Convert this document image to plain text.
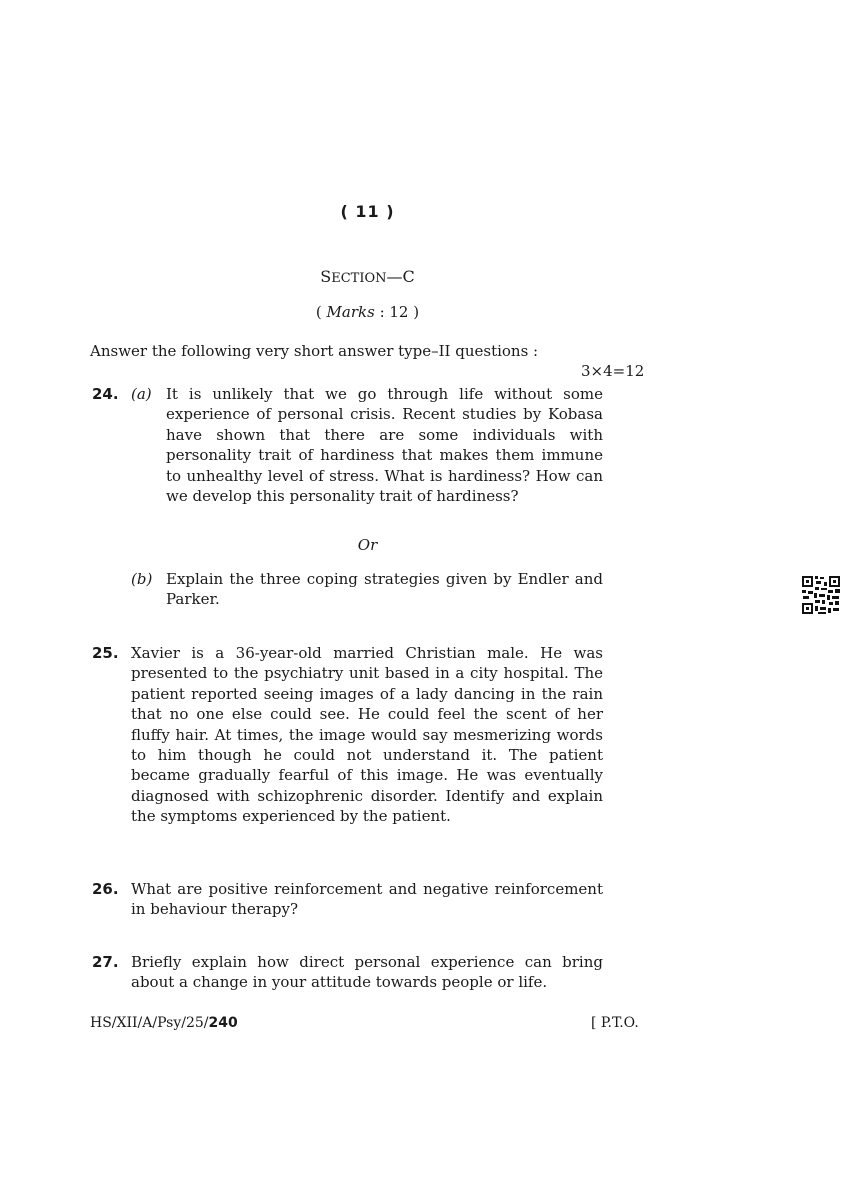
( 11 )
SECTION—C
( Marks : 12 )
Answer the following very short answer type–II questions :
3×4=12
24. (a) It is unlikely that we go through life without some experience of personal crisis. Recent studies by Kobasa have shown that there are some individuals with personality trait of hardiness that makes them immune to unhealthy level of stress. What is hardiness? How can we develop this personality trait of hardiness?
Or
(b) Explain the three coping strategies given by Endler and Parker.
25. Xavier is a 36-year-old married Christian male. He was presented to the psychiatry unit based in a city hospital. The patient reported seeing images of a lady dancing in the rain that no one else could see. He could feel the scent of her fluffy hair. At times, the image would say mesmerizing words to him though he could not understand it. The patient became gradually fearful of this image. He was eventually diagnosed with schizophrenic disorder. Identify and explain the symptoms experienced by the patient.
26. What are positive reinforcement and negative reinforcement in behaviour therapy?
27. Briefly explain how direct personal experience can bring about a change in your attitude towards people or life.
HS/XII/A/Psy/25/240	[ P.T.O.
